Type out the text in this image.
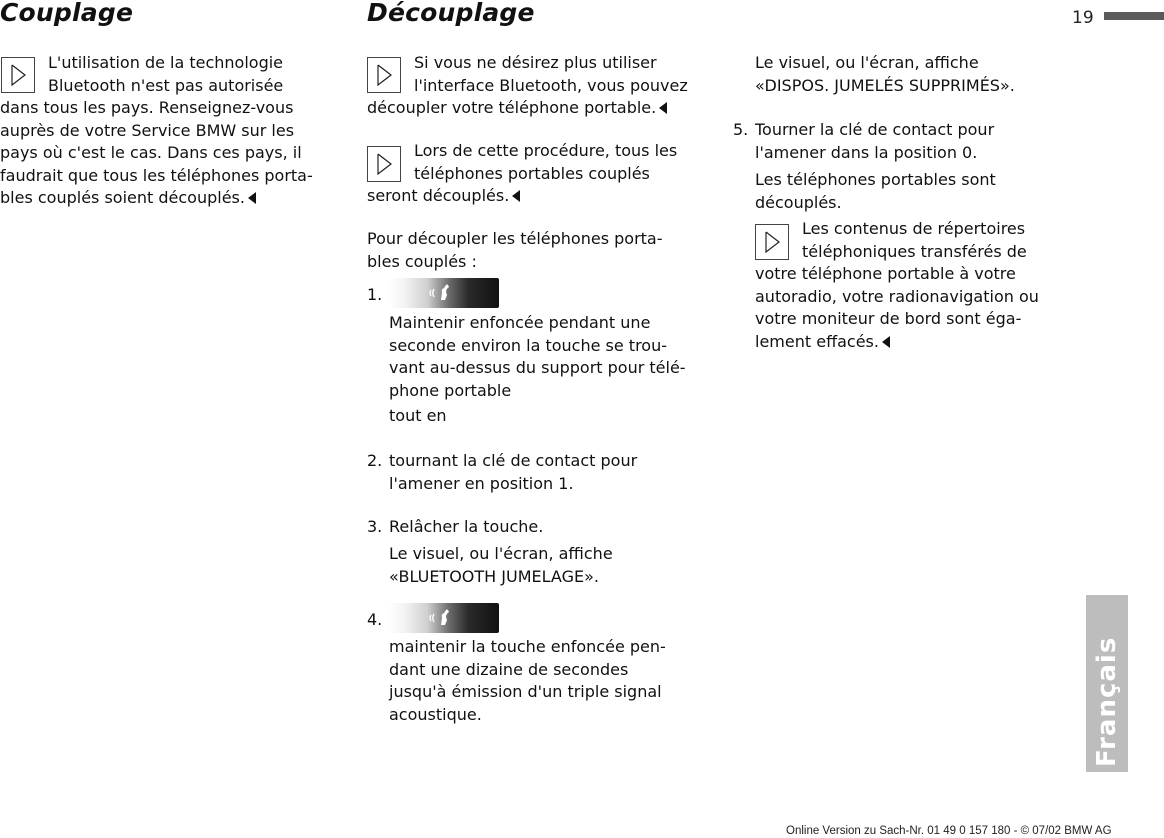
19
Couplage
L'utilisation de la technologie
Bluetooth n'est pas autorisée
dans tous les pays. Renseignez-vous
auprès de votre Service BMW sur les
pays où c'est le cas. Dans ces pays, il
faudrait que tous les téléphones porta-
bles couplés soient découplés.
Découplage
Si vous ne désirez plus utiliser
l'interface Bluetooth, vous pouvez
découpler votre téléphone portable.
Lors de cette procédure, tous les
téléphones portables couplés
seront découplés.
Pour découpler les téléphones porta-
bles couplés :
1.
Maintenir enfoncée pendant une
seconde environ la touche se trou-
vant au-dessus du support pour télé-
phone portable
tout en
2. tournant la clé de contact pour
l'amener en position 1.
3. Relâcher la touche.
Le visuel, ou l'écran, affiche
«BLUETOOTH JUMELAGE».
4.
maintenir la touche enfoncée pen-
dant une dizaine de secondes
jusqu'à émission d'un triple signal
acoustique.
Le visuel, ou l'écran, affiche
«DISPOS. JUMELÉS SUPPRIMÉS».
5. Tourner la clé de contact pour
l'amener dans la position 0.
Les téléphones portables sont
découplés.
Les contenus de répertoires
téléphoniques transférés de
votre téléphone portable à votre
autoradio, votre radionavigation ou
votre moniteur de bord sont éga-
lement effacés.
Français
Online Version zu Sach-Nr. 01 49 0 157 180 - © 07/02 BMW AG
